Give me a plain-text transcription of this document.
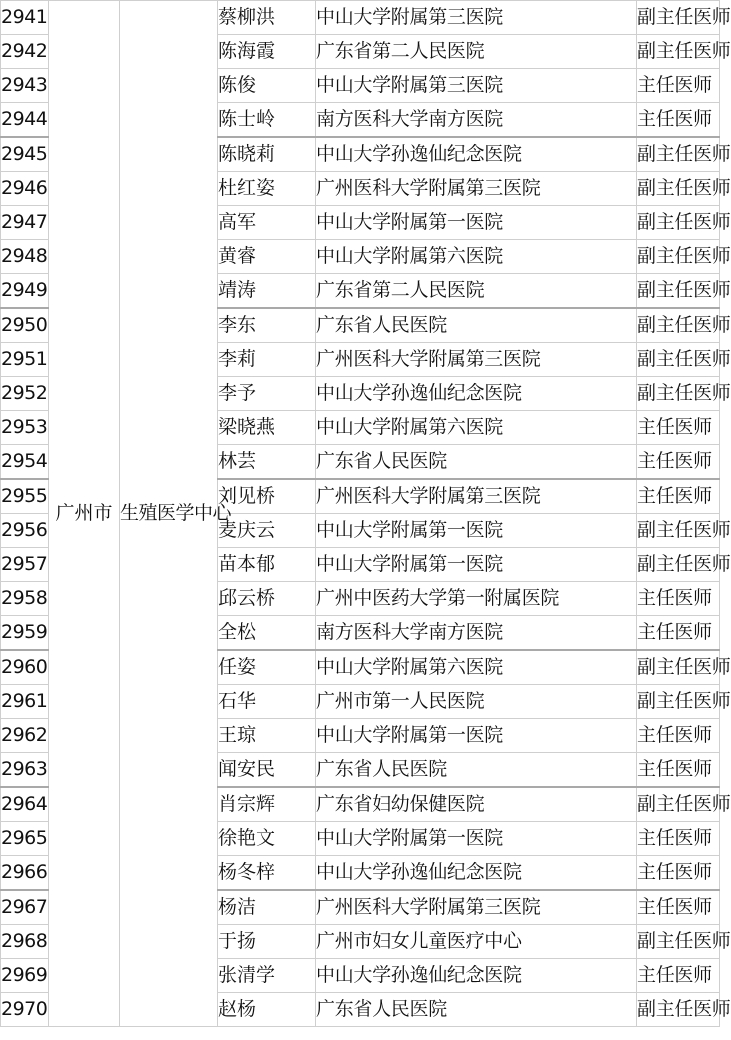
2941	广州市	生殖医学中心	蔡柳洪	中山大学附属第三医院	副主任医师
2942			陈海霞	广东省第二人民医院	副主任医师
2943			陈俊	中山大学附属第三医院	主任医师
2944			陈士岭	南方医科大学南方医院	主任医师
2945			陈晓莉	中山大学孙逸仙纪念医院	副主任医师
2946			杜红姿	广州医科大学附属第三医院	副主任医师
2947			高军	中山大学附属第一医院	副主任医师
2948			黄睿	中山大学附属第六医院	副主任医师
2949			靖涛	广东省第二人民医院	副主任医师
2950			李东	广东省人民医院	副主任医师
2951			李莉	广州医科大学附属第三医院	副主任医师
2952			李予	中山大学孙逸仙纪念医院	副主任医师
2953			梁晓燕	中山大学附属第六医院	主任医师
2954			林芸	广东省人民医院	主任医师
2955			刘见桥	广州医科大学附属第三医院	主任医师
2956			麦庆云	中山大学附属第一医院	副主任医师
2957			苗本郁	中山大学附属第一医院	副主任医师
2958			邱云桥	广州中医药大学第一附属医院	主任医师
2959			全松	南方医科大学南方医院	主任医师
2960			任姿	中山大学附属第六医院	副主任医师
2961			石华	广州市第一人民医院	副主任医师
2962			王琼	中山大学附属第一医院	主任医师
2963			闻安民	广东省人民医院	主任医师
2964			肖宗辉	广东省妇幼保健医院	副主任医师
2965			徐艳文	中山大学附属第一医院	主任医师
2966			杨冬梓	中山大学孙逸仙纪念医院	主任医师
2967			杨洁	广州医科大学附属第三医院	主任医师
2968			于扬	广州市妇女儿童医疗中心	副主任医师
2969			张清学	中山大学孙逸仙纪念医院	主任医师
2970			赵杨	广东省人民医院	副主任医师
